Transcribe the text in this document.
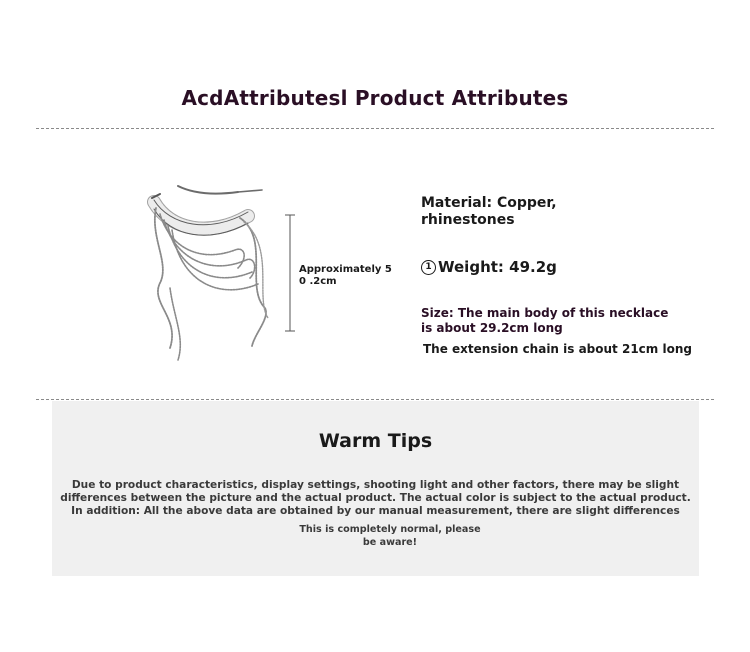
AcdAttributesl Product Attributes
Approximately 50 .2cm
Material: Copper, rhinestones
1 Weight: 49.2g
Size: The main body of this necklace is about 29.2cm long
The extension chain is about 21cm long
Warm Tips
Due to product characteristics, display settings, shooting light and other factors, there may be slight differences between the picture and the actual product. The actual color is subject to the actual product. In addition: All the above data are obtained by our manual measurement, there are slight differences
This is completely normal, please be aware!
